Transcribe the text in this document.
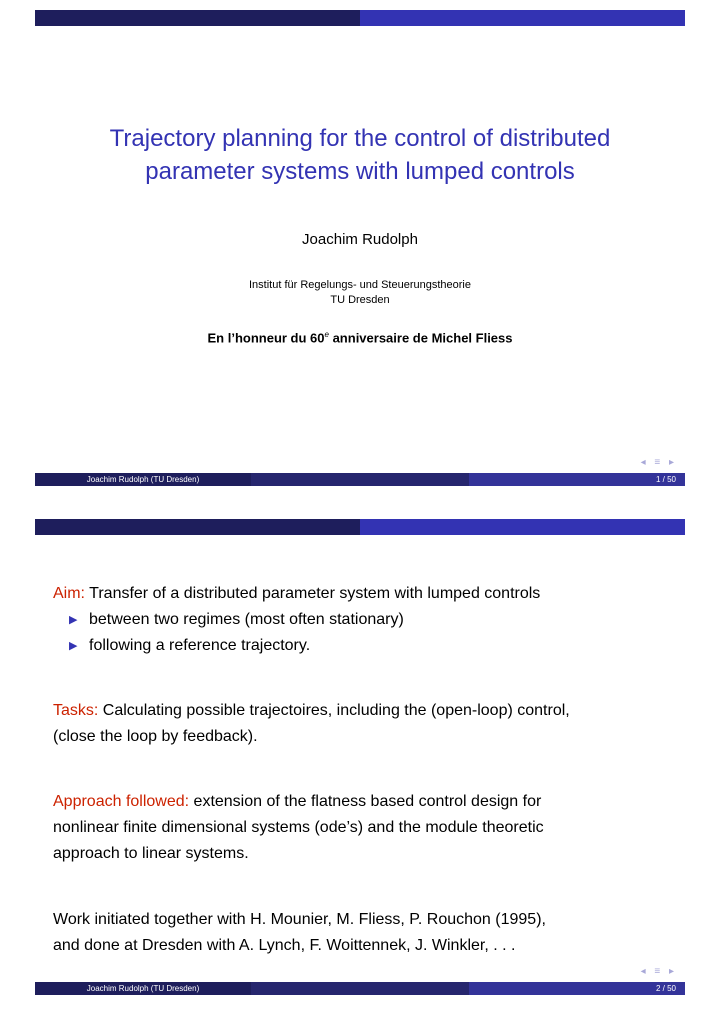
Trajectory planning for the control of distributed
parameter systems with lumped controls
Joachim Rudolph
Institut für Regelungs- und Steuerungstheorie
TU Dresden
En l’honneur du 60e anniversaire de Michel Fliess
◂ ≡ ▸
Joachim Rudolph (TU Dresden)	1 / 50

Aim: Transfer of a distributed parameter system with lumped controls

▶ between two regimes (most often stationary)
▶ following a reference trajectory.

Tasks: Calculating possible trajectoires, including the (open-loop) control,
(close the loop by feedback).

Approach followed: extension of the flatness based control design for
nonlinear finite dimensional systems (ode’s) and the module theoretic
approach to linear systems.

Work initiated together with H. Mounier, M. Fliess, P. Rouchon (1995),
and done at Dresden with A. Lynch, F. Woittennek, J. Winkler, . . .

◂ ≡ ▸
Joachim Rudolph (TU Dresden)	2 / 50
